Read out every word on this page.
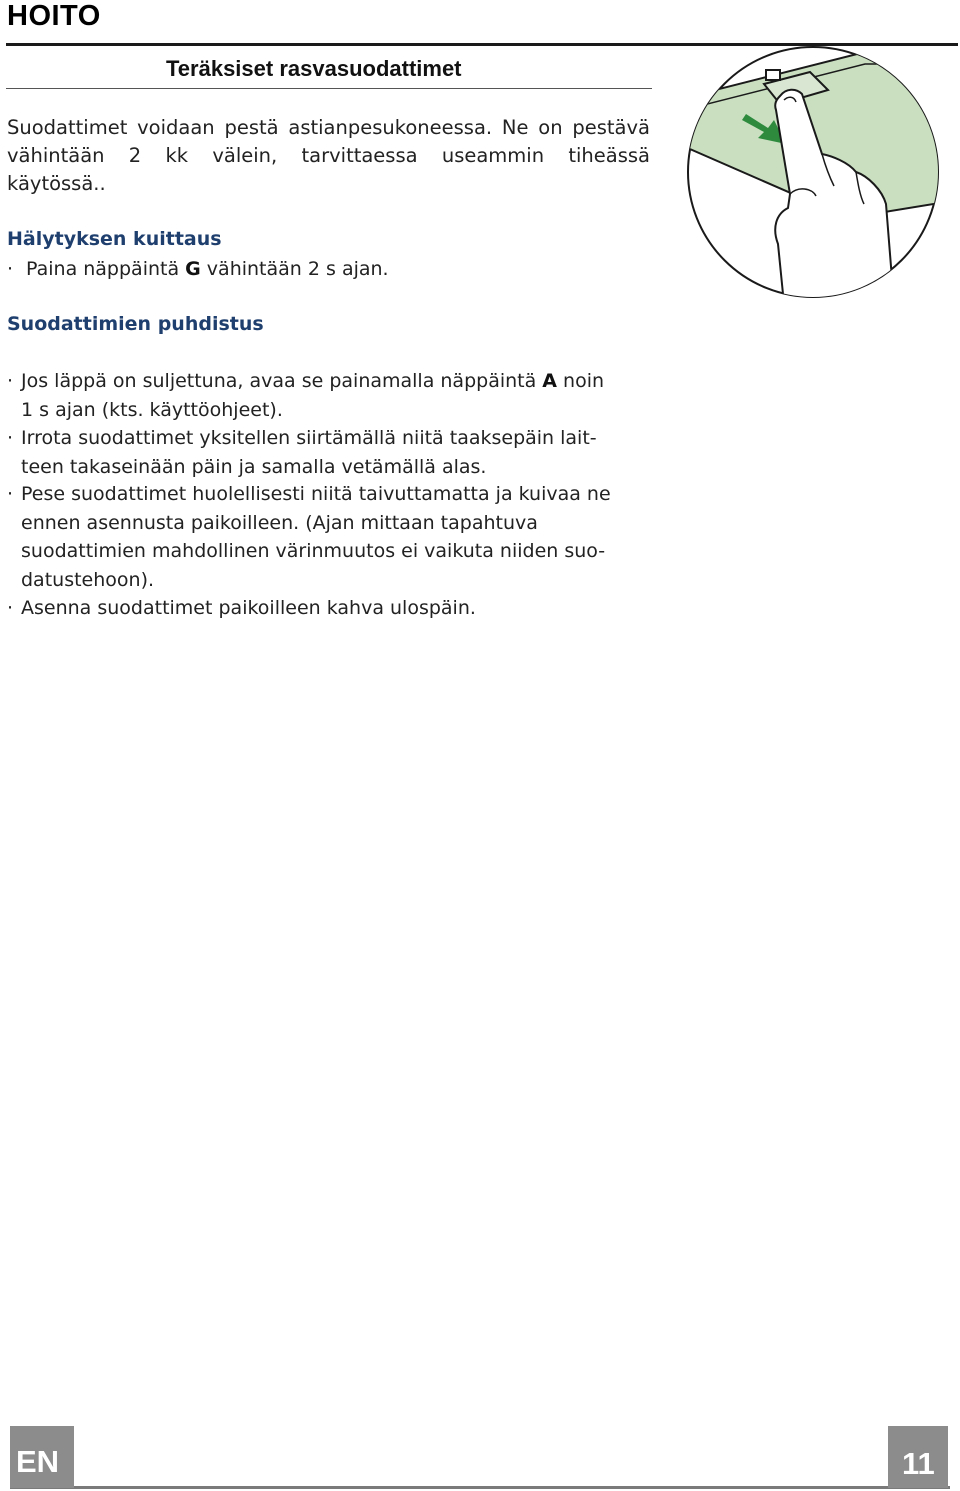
HOITO
Teräksiset rasvasuodattimet
Suodattimet voidaan pestä astianpesukoneessa. Ne on pestävä
vähintään 2 kk välein, tarvittaessa useammin tiheässä
käytössä..
Hälytyksen kuittaus
· Paina näppäintä G vähintään 2 s ajan.
Suodattimien puhdistus
· Jos läppä on suljettuna, avaa se painamalla näppäintä A noin
1 s ajan (kts. käyttöohjeet).
· Irrota suodattimet yksitellen siirtämällä niitä taaksepäin lait-
teen takaseinään päin ja samalla vetämällä alas.
· Pese suodattimet huolellisesti niitä taivuttamatta ja kuivaa ne
ennen asennusta paikoilleen. (Ajan mittaan tapahtuva
suodattimien mahdollinen värinmuutos ei vaikuta niiden suo-
datustehoon).
· Asenna suodattimet paikoilleen kahva ulospäin.
EN	11
